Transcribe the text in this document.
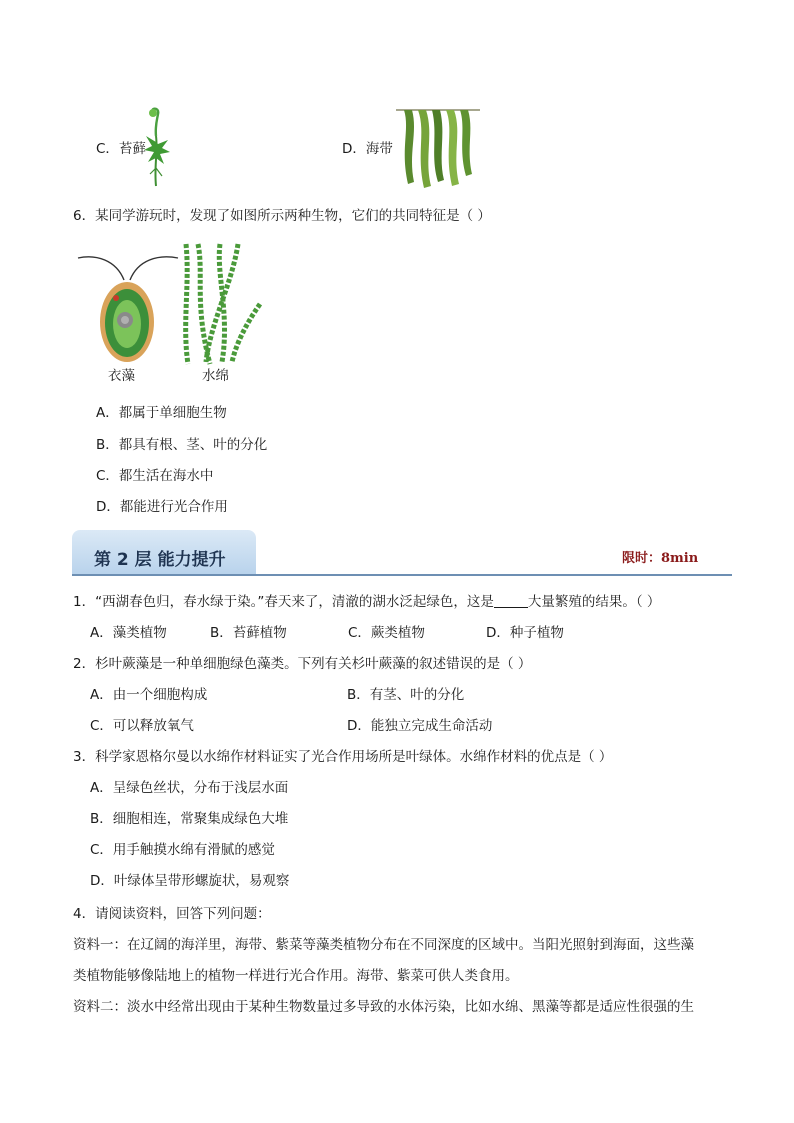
C．苔藓	D．海带
6．某同学游玩时，发现了如图所示两种生物，它们的共同特征是（ ）
衣藻	水绵
A．都属于单细胞生物
B．都具有根、茎、叶的分化
C．都生活在海水中
D．都能进行光合作用
第 2 层 能力提升	限时：8min
1．“西湖春色归，春水绿于染。”春天来了，清澈的湖水泛起绿色，这是	大量繁殖的结果。（ ）
A．藻类植物	B．苔藓植物	C．蕨类植物	D．种子植物
2．杉叶蕨藻是一种单细胞绿色藻类。下列有关杉叶蕨藻的叙述错误的是（ ）
A．由一个细胞构成	B．有茎、叶的分化
C．可以释放氧气	D．能独立完成生命活动
3．科学家恩格尔曼以水绵作材料证实了光合作用场所是叶绿体。水绵作材料的优点是（ ）
A．呈绿色丝状，分布于浅层水面
B．细胞相连，常聚集成绿色大堆
C．用手触摸水绵有滑腻的感觉
D．叶绿体呈带形螺旋状，易观察
4．请阅读资料，回答下列问题：
资料一：在辽阔的海洋里，海带、紫菜等藻类植物分布在不同深度的区域中。当阳光照射到海面，这些藻
类植物能够像陆地上的植物一样进行光合作用。海带、紫菜可供人类食用。
资料二：淡水中经常出现由于某种生物数量过多导致的水体污染，比如水绵、黑藻等都是适应性很强的生
